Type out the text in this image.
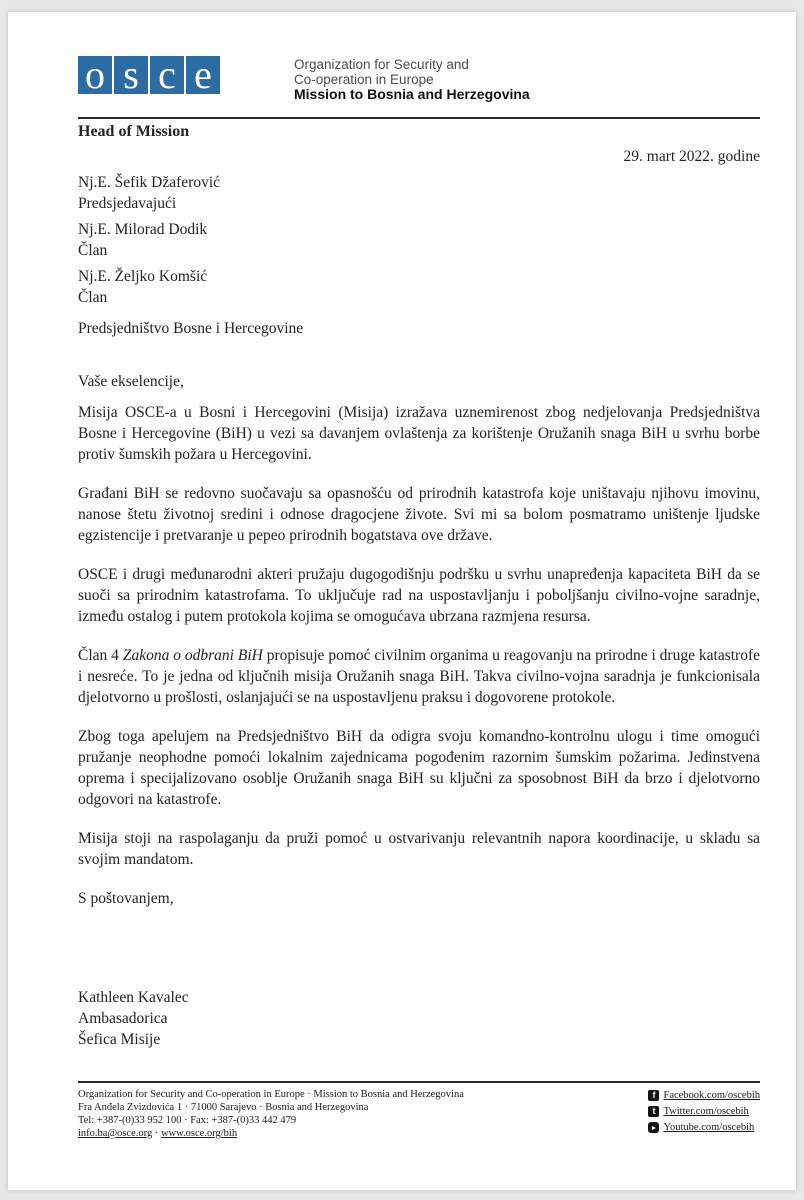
o s c e	Organization for Security and
Co-operation in Europe
Mission to Bosnia and Herzegovina
Head of Mission
29. mart 2022. godine
Nj.E. Šefik Džaferović
Predsjedavajući
Nj.E. Milorad Dodik
Član
Nj.E. Željko Komšić
Član
Predsjedništvo Bosne i Hercegovine
Vaše ekselencije,

Misija OSCE-a u Bosni i Hercegovini (Misija) izražava uznemirenost zbog nedjelovanja Predsjedništva Bosne i Hercegovine (BiH) u vezi sa davanjem ovlaštenja za korištenje Oružanih snaga BiH u svrhu borbe protiv šumskih požara u Hercegovini.

Građani BiH se redovno suočavaju sa opasnošću od prirodnih katastrofa koje uništavaju njihovu imovinu, nanose štetu životnoj sredini i odnose dragocjene živote. Svi mi sa bolom posmatramo uništenje ljudske egzistencije i pretvaranje u pepeo prirodnih bogatstava ove države.

OSCE i drugi međunarodni akteri pružaju dugogodišnju podršku u svrhu unapređenja kapaciteta BiH da se suoči sa prirodnim katastrofama. To uključuje rad na uspostavljanju i poboljšanju civilno-vojne saradnje, između ostalog i putem protokola kojima se omogućava ubrzana razmjena resursa.

Član 4 Zakona o odbrani BiH propisuje pomoć civilnim organima u reagovanju na prirodne i druge katastrofe i nesreće. To je jedna od ključnih misija Oružanih snaga BiH. Takva civilno-vojna saradnja je funkcionisala djelotvorno u prošlosti, oslanjajući se na uspostavljenu praksu i dogovorene protokole.

Zbog toga apelujem na Predsjedništvo BiH da odigra svoju komandno-kontrolnu ulogu i time omogući pružanje neophodne pomoći lokalnim zajednicama pogođenim razornim šumskim požarima. Jedinstvena oprema i specijalizovano osoblje Oružanih snaga BiH su ključni za sposobnost BiH da brzo i djelotvorno odgovori na katastrofe.

Misija stoji na raspolaganju da pruži pomoć u ostvarivanju relevantnih napora koordinacije, u skladu sa svojim mandatom.

S poštovanjem,

Kathleen Kavalec
Ambasadorica
Šefica Misije
Organization for Security and Co-operation in Europe · Mission to Bosnia and Herzegovina
Fra Anđela Zvizdovića 1 · 71000 Sarajevo · Bosnia and Herzegovina
Tel: +387-(0)33 952 100 · Fax: +387-(0)33 442 479
info.ba@osce.org · www.osce.org/bih
f Facebook.com/oscebih
t Twitter.com/oscebih
Youtube.com/oscebih
